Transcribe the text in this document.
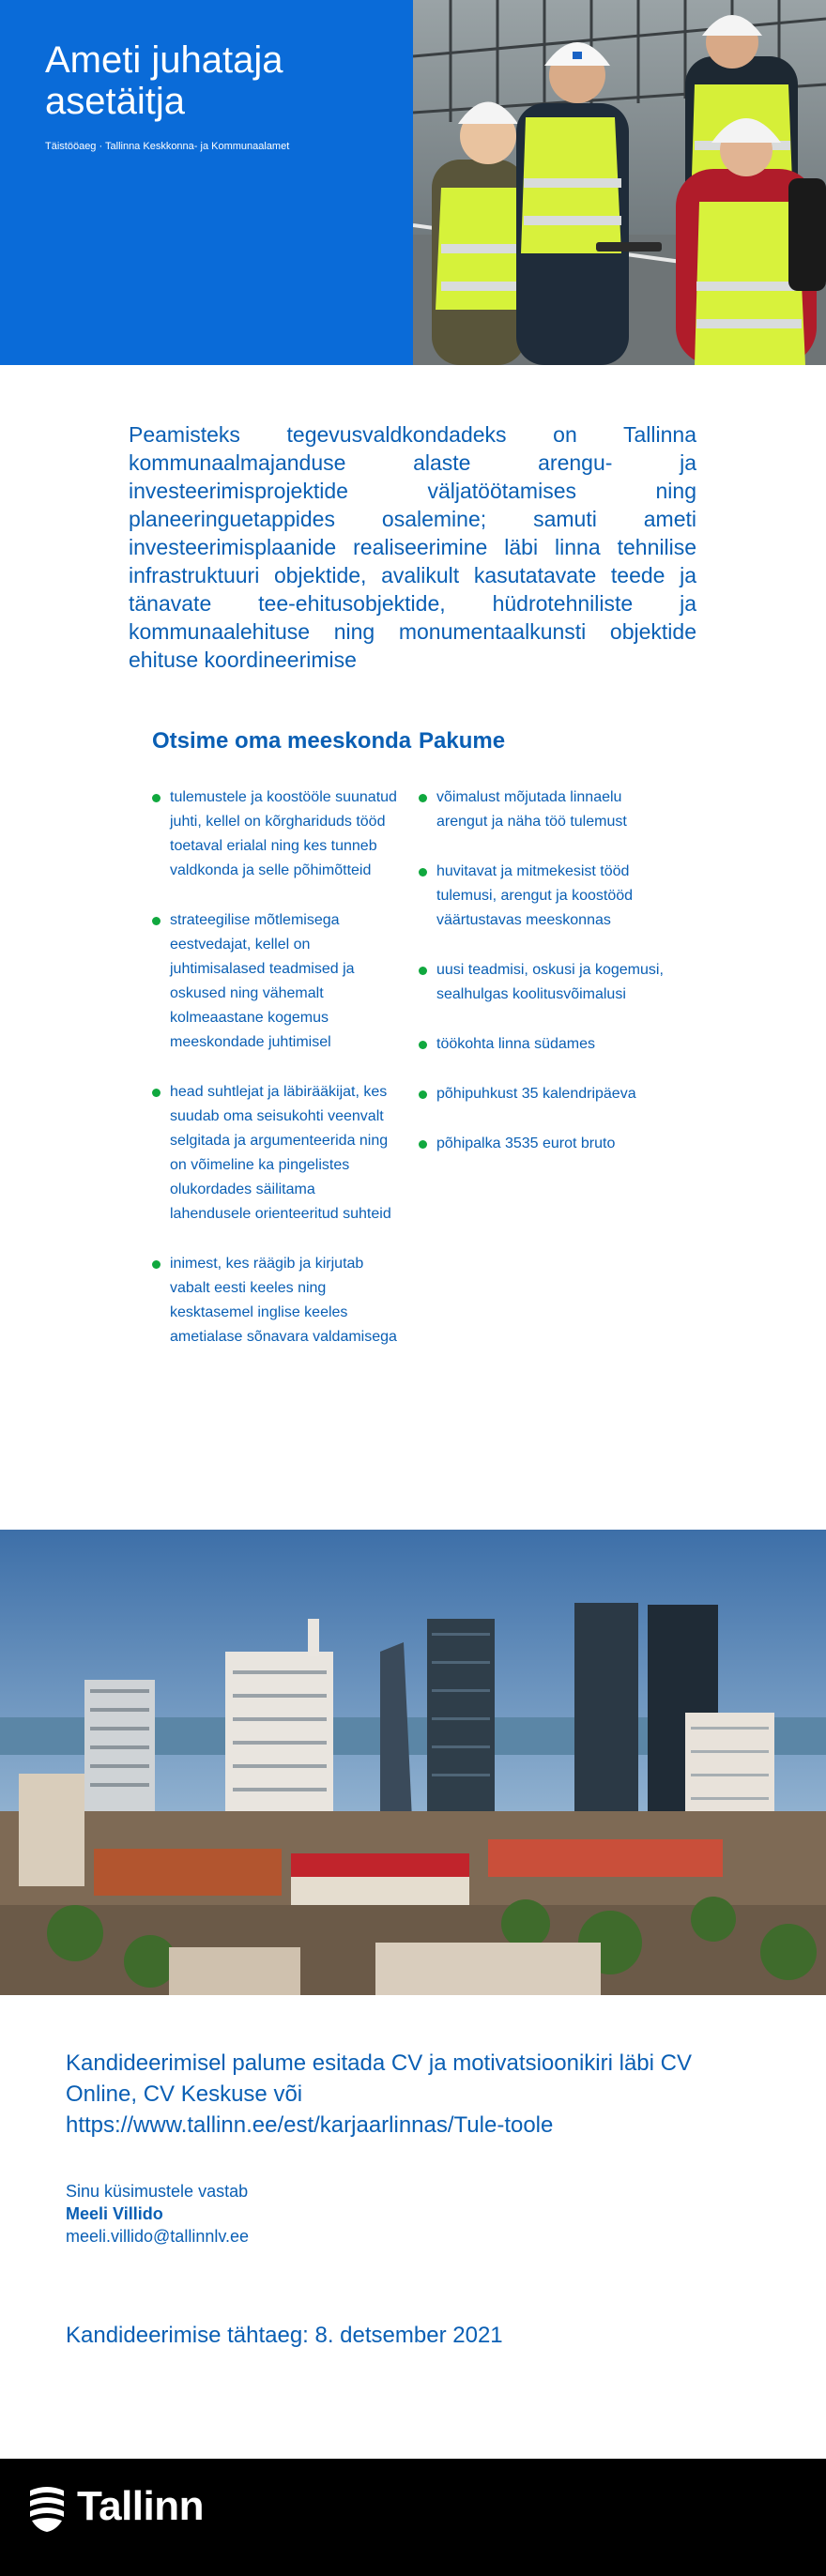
Ameti juhataja asetäitja
Täistööaeg · Tallinna Keskkonna- ja Kommunaalamet

Peamisteks tegevusvaldkondadeks on Tallinna kommunaalmajanduse alaste arengu- ja investeerimisprojektide väljatöötamises ning planeeringuetappides osalemine; samuti ameti investeerimisplaanide realiseerimine läbi linna tehnilise infrastruktuuri objektide, avalikult kasutatavate teede ja tänavate tee-ehitusobjektide, hüdrotehniliste ja kommunaalehituse ning monumentaalkunsti objektide ehituse koordineerimise

Otsime oma meeskonda
tulemustele ja koostööle suunatud juhti, kellel on kõrghariduds tööd toetaval erialal ning kes tunneb valdkonda ja selle põhimõtteid
strateegilise mõtlemisega eestvedajat, kellel on juhtimisalased teadmised ja oskused ning vähemalt kolmeaastane kogemus meeskondade juhtimisel
head suhtlejat ja läbirääkijat, kes suudab oma seisukohti veenvalt selgitada ja argumenteerida ning on võimeline ka pingelistes olukordades säilitama lahendusele orienteeritud suhteid
inimest, kes räägib ja kirjutab vabalt eesti keeles ning kesktasemel inglise keeles ametialase sõnavara valdamisega
Pakume
võimalust mõjutada linnaelu arengut ja näha töö tulemust
huvitavat ja mitmekesist tööd tulemusi, arengut ja koostööd väärtustavas meeskonnas
uusi teadmisi, oskusi ja kogemusi, sealhulgas koolitusvõimalusi
töökohta linna südames
põhipuhkust 35 kalendripäeva
põhipalka 3535 eurot bruto

Kandideerimisel palume esitada CV ja motivatsioonikiri läbi CV Online, CV Keskuse või https://www.tallinn.ee/est/karjaarlinnas/Tule-toole

Sinu küsimustele vastab
Meeli Villido
meeli.villido@tallinnlv.ee
Kandideerimise tähtaeg: 8. detsember 2021
Tallinn
